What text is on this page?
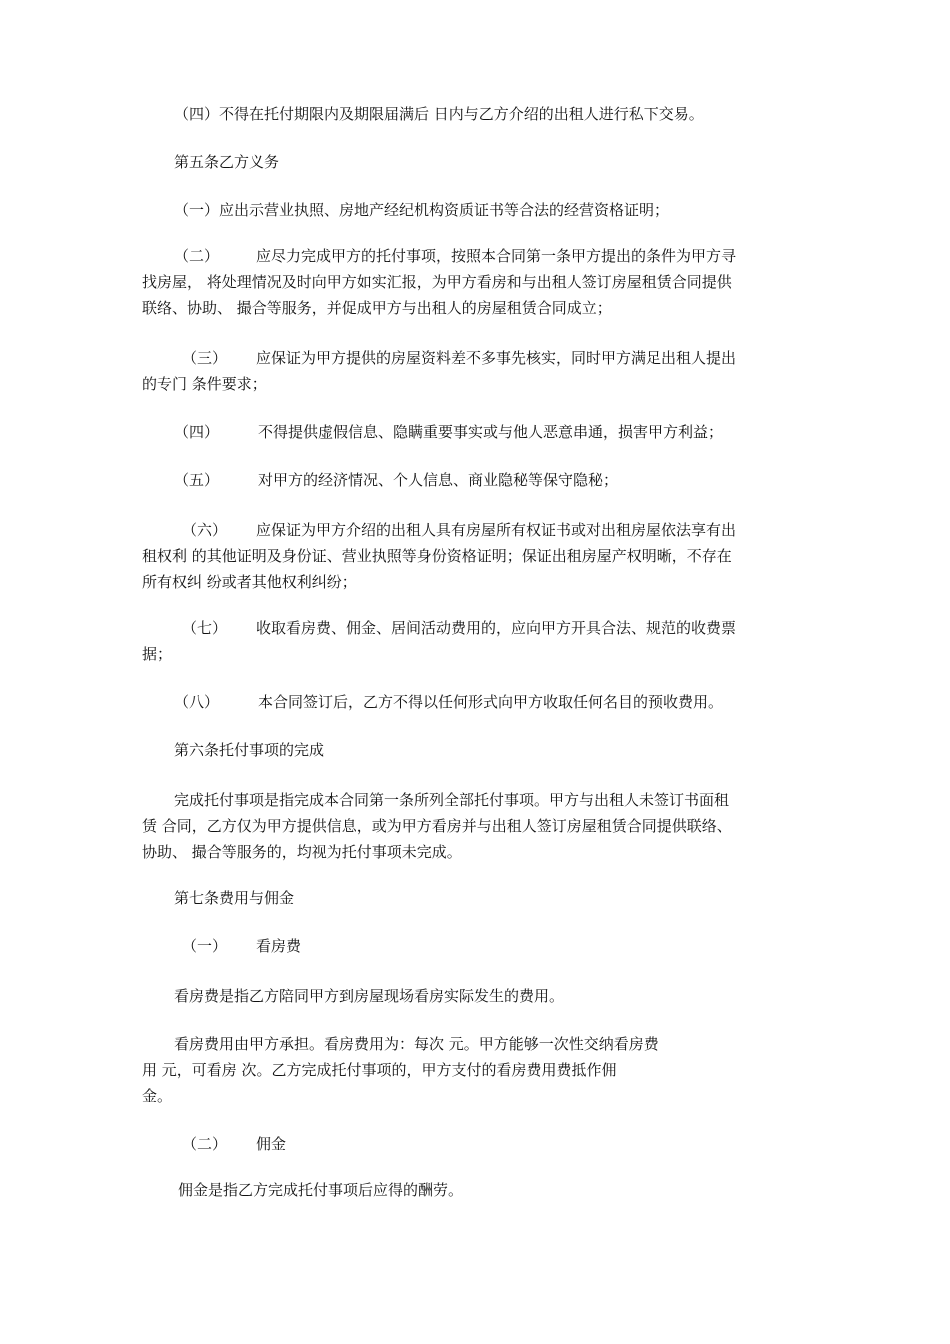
（四）不得在托付期限内及期限届满后 日内与乙方介绍的出租人进行私下交易。
第五条乙方义务
（一）应出示营业执照、房地产经纪机构资质证书等合法的经营资格证明；
（二） 应尽力完成甲方的托付事项，按照本合同第一条甲方提出的条件为甲方寻
找房屋， 将处理情况及时向甲方如实汇报，为甲方看房和与出租人签订房屋租赁合同提供
联络、协助、 撮合等服务，并促成甲方与出租人的房屋租赁合同成立；
（三） 应保证为甲方提供的房屋资料差不多事先核实，同时甲方满足出租人提出
的专门 条件要求；
（四）	不得提供虚假信息、隐瞒重要事实或与他人恶意串通，损害甲方利益；
（五）	对甲方的经济情况、个人信息、商业隐秘等保守隐秘；
（六） 应保证为甲方介绍的出租人具有房屋所有权证书或对出租房屋依法享有出
租权利 的其他证明及身份证、营业执照等身份资格证明；保证出租房屋产权明晰，不存在
所有权纠 纷或者其他权利纠纷；
（七） 收取看房费、佣金、居间活动费用的，应向甲方开具合法、规范的收费票
据；
（八）	本合同签订后，乙方不得以任何形式向甲方收取任何名目的预收费用。
第六条托付事项的完成
完成托付事项是指完成本合同第一条所列全部托付事项。甲方与出租人未签订书面租
赁 合同，乙方仅为甲方提供信息，或为甲方看房并与出租人签订房屋租赁合同提供联络、
协助、 撮合等服务的，均视为托付事项未完成。
第七条费用与佣金
（一） 看房费
看房费是指乙方陪同甲方到房屋现场看房实际发生的费用。
看房费用由甲方承担。看房费用为：每次 元。甲方能够一次性交纳看房费
用 元，可看房 次。乙方完成托付事项的，甲方支付的看房费用费抵作佣
金。
（二） 佣金
佣金是指乙方完成托付事项后应得的酬劳。
